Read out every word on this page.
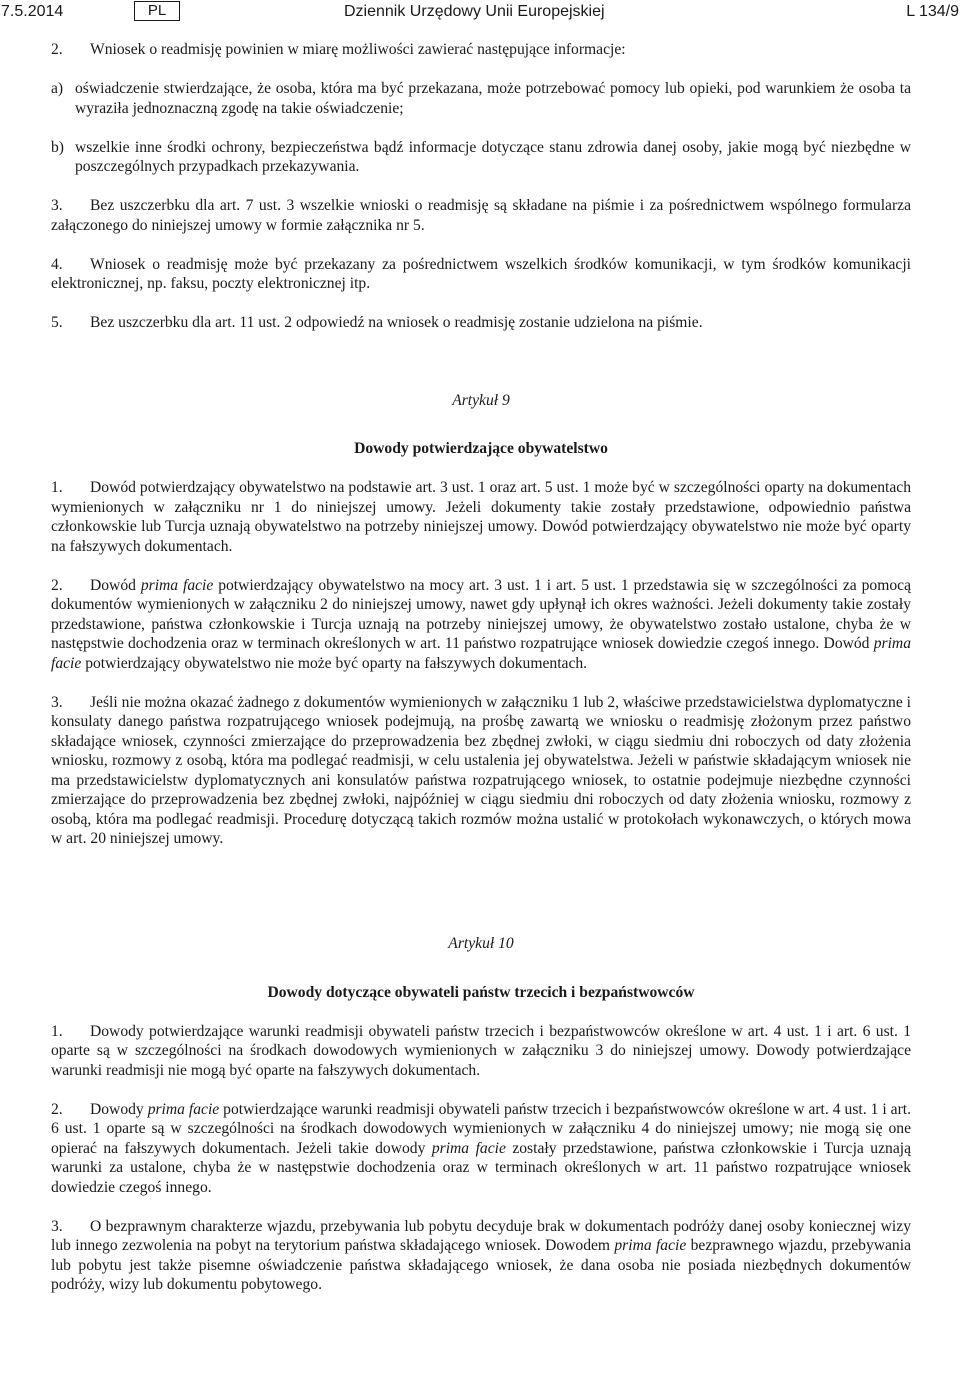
7.5.2014	PL	Dziennik Urzędowy Unii Europejskiej	L 134/9

2. Wniosek o readmisję powinien w miarę możliwości zawierać następujące informacje:

a) oświadczenie stwierdzające, że osoba, która ma być przekazana, może potrzebować pomocy lub opieki, pod warunkiem że osoba ta wyraziła jednoznaczną zgodę na takie oświadczenie;

b) wszelkie inne środki ochrony, bezpieczeństwa bądź informacje dotyczące stanu zdrowia danej osoby, jakie mogą być niezbędne w poszczególnych przypadkach przekazywania.

3. Bez uszczerbku dla art. 7 ust. 3 wszelkie wnioski o readmisję są składane na piśmie i za pośrednictwem wspólnego formularza załączonego do niniejszej umowy w formie załącznika nr 5.

4. Wniosek o readmisję może być przekazany za pośrednictwem wszelkich środków komunikacji, w tym środków komunikacji elektronicznej, np. faksu, poczty elektronicznej itp.

5. Bez uszczerbku dla art. 11 ust. 2 odpowiedź na wniosek o readmisję zostanie udzielona na piśmie.

Artykuł 9
Dowody potwierdzające obywatelstwo

1. Dowód potwierdzający obywatelstwo na podstawie art. 3 ust. 1 oraz art. 5 ust. 1 może być w szczególności oparty na dokumentach wymienionych w załączniku nr 1 do niniejszej umowy. Jeżeli dokumenty takie zostały przedstawione, odpowiednio państwa członkowskie lub Turcja uznają obywatelstwo na potrzeby niniejszej umowy. Dowód potwierdzający obywatelstwo nie może być oparty na fałszywych dokumentach.

2. Dowód prima facie potwierdzający obywatelstwo na mocy art. 3 ust. 1 i art. 5 ust. 1 przedstawia się w szczególności za pomocą dokumentów wymienionych w załączniku 2 do niniejszej umowy, nawet gdy upłynął ich okres ważności. Jeżeli dokumenty takie zostały przedstawione, państwa członkowskie i Turcja uznają na potrzeby niniejszej umowy, że obywatelstwo zostało ustalone, chyba że w następstwie dochodzenia oraz w terminach określonych w art. 11 państwo rozpatrujące wniosek dowiedzie czegoś innego. Dowód prima facie potwierdzający obywatelstwo nie może być oparty na fałszywych dokumentach.

3. Jeśli nie można okazać żadnego z dokumentów wymienionych w załączniku 1 lub 2, właściwe przedstawicielstwa dyplomatyczne i konsulaty danego państwa rozpatrującego wniosek podejmują, na prośbę zawartą we wniosku o readmisję złożonym przez państwo składające wniosek, czynności zmierzające do przeprowadzenia bez zbędnej zwłoki, w ciągu siedmiu dni roboczych od daty złożenia wniosku, rozmowy z osobą, która ma podlegać readmisji, w celu ustalenia jej obywatelstwa. Jeżeli w państwie składającym wniosek nie ma przedstawicielstw dyplomatycznych ani konsulatów państwa rozpatrującego wniosek, to ostatnie podejmuje niezbędne czynności zmierzające do przeprowadzenia bez zbędnej zwłoki, najpóźniej w ciągu siedmiu dni roboczych od daty złożenia wniosku, rozmowy z osobą, która ma podlegać readmisji. Procedurę dotyczącą takich rozmów można ustalić w protokołach wykonawczych, o których mowa w art. 20 niniejszej umowy.

Artykuł 10
Dowody dotyczące obywateli państw trzecich i bezpaństwowców

1. Dowody potwierdzające warunki readmisji obywateli państw trzecich i bezpaństwowców określone w art. 4 ust. 1 i art. 6 ust. 1 oparte są w szczególności na środkach dowodowych wymienionych w załączniku 3 do niniejszej umowy. Dowody potwierdzające warunki readmisji nie mogą być oparte na fałszywych dokumentach.

2. Dowody prima facie potwierdzające warunki readmisji obywateli państw trzecich i bezpaństwowców określone w art. 4 ust. 1 i art. 6 ust. 1 oparte są w szczególności na środkach dowodowych wymienionych w załączniku 4 do niniejszej umowy; nie mogą się one opierać na fałszywych dokumentach. Jeżeli takie dowody prima facie zostały przedstawione, państwa członkowskie i Turcja uznają warunki za ustalone, chyba że w następstwie dochodzenia oraz w terminach określonych w art. 11 państwo rozpatrujące wniosek dowiedzie czegoś innego.

3. O bezprawnym charakterze wjazdu, przebywania lub pobytu decyduje brak w dokumentach podróży danej osoby koniecznej wizy lub innego zezwolenia na pobyt na terytorium państwa składającego wniosek. Dowodem prima facie bezprawnego wjazdu, przebywania lub pobytu jest także pisemne oświadczenie państwa składającego wniosek, że dana osoba nie posiada niezbędnych dokumentów podróży, wizy lub dokumentu pobytowego.
